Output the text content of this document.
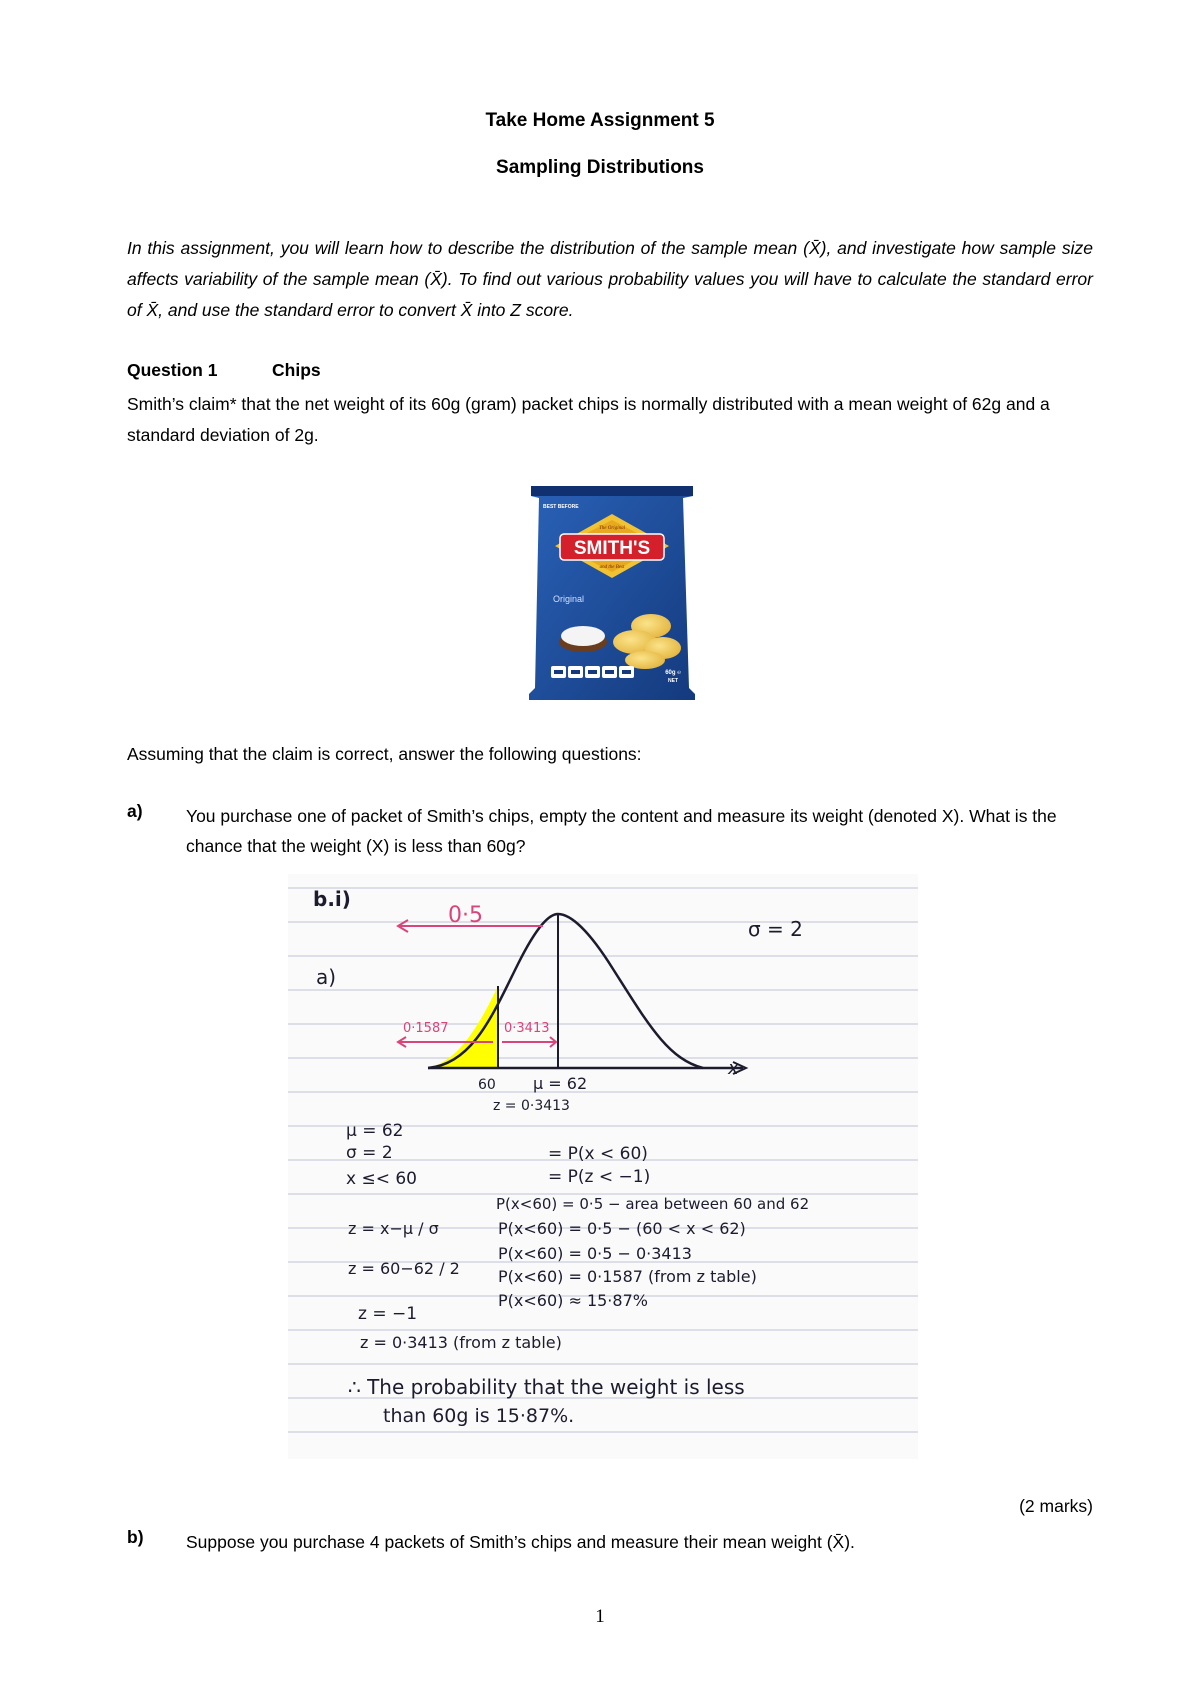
Take Home Assignment 5
Sampling Distributions

In this assignment, you will learn how to describe the distribution of the sample mean (X̄), and investigate how sample size affects variability of the sample mean (X̄). To find out various probability values you will have to calculate the standard error of X̄, and use the standard error to convert X̄ into Z score.

Question 1	Chips

Smith’s claim* that the net weight of its 60g (gram) packet chips is normally distributed with a mean weight of 62g and a standard deviation of 2g.

BEST BEFORE
SMITH'S
The Original
and the Best
Original
60g ℮
NET

Assuming that the claim is correct, answer the following questions:

a) You purchase one of packet of Smith’s chips, empty the content and measure its weight (denoted X). What is the chance that the weight (X) is less than 60g?

b.i)
a)
σ = 2
0·5
0·1587	0·3413
x
60 μ = 62
z = 0·3413
μ = 62
σ = 2
x ≤< 60
z = x−μ / σ
z = 60−62 / 2
z = −1
z = 0·3413 (from z table)
= P(x < 60)
= P(z < −1)
P(x<60) = 0·5 − area between 60 and 62
P(x<60) = 0·5 − (60 < x < 62)
P(x<60) = 0·5 − 0·3413
P(x<60) = 0·1587 (from z table)
P(x<60) ≈ 15·87%
∴ The probability that the weight is less
than 60g is 15·87%.
(2 marks)
b) Suppose you purchase 4 packets of Smith’s chips and measure their mean weight (X̄).

1
